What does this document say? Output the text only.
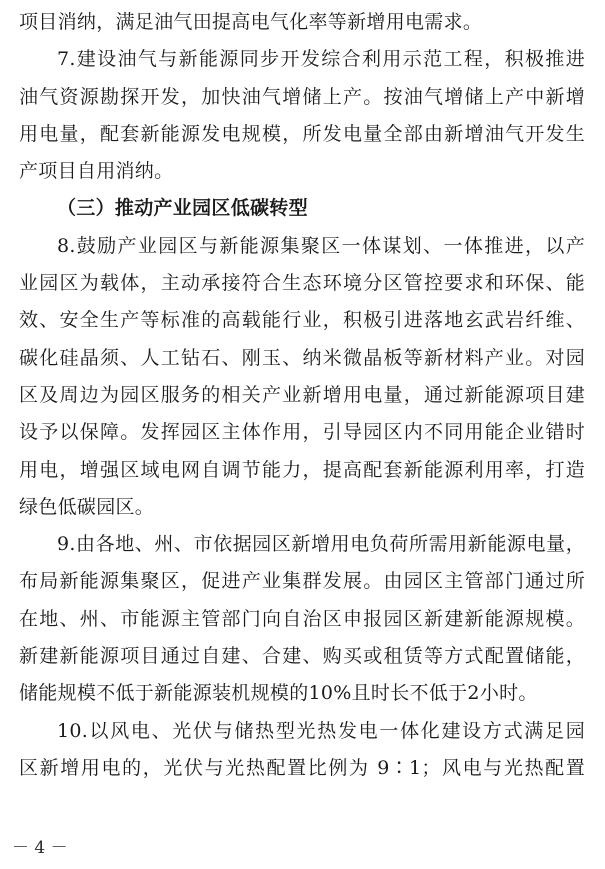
项目消纳，满足油气田提高电气化率等新增用电需求。
7.建设油气与新能源同步开发综合利用示范工程，积极推进
油气资源勘探开发，加快油气增储上产。按油气增储上产中新增
用电量，配套新能源发电规模，所发电量全部由新增油气开发生
产项目自用消纳。
（三）推动产业园区低碳转型
8.鼓励产业园区与新能源集聚区一体谋划、一体推进，以产
业园区为载体，主动承接符合生态环境分区管控要求和环保、能
效、安全生产等标准的高载能行业，积极引进落地玄武岩纤维、
碳化硅晶须、人工钻石、刚玉、纳米微晶板等新材料产业。对园
区及周边为园区服务的相关产业新增用电量，通过新能源项目建
设予以保障。发挥园区主体作用，引导园区内不同用能企业错时
用电，增强区域电网自调节能力，提高配套新能源利用率，打造
绿色低碳园区。
9.由各地、州、市依据园区新增用电负荷所需用新能源电量，
布局新能源集聚区，促进产业集群发展。由园区主管部门通过所
在地、州、市能源主管部门向自治区申报园区新建新能源规模。
新建新能源项目通过自建、合建、购买或租赁等方式配置储能，
储能规模不低于新能源装机规模的10%且时长不低于2小时。
10.以风电、光伏与储热型光热发电一体化建设方式满足园
区新增用电的，光伏与光热配置比例为 9∶1；风电与光热配置
－ 4 －
